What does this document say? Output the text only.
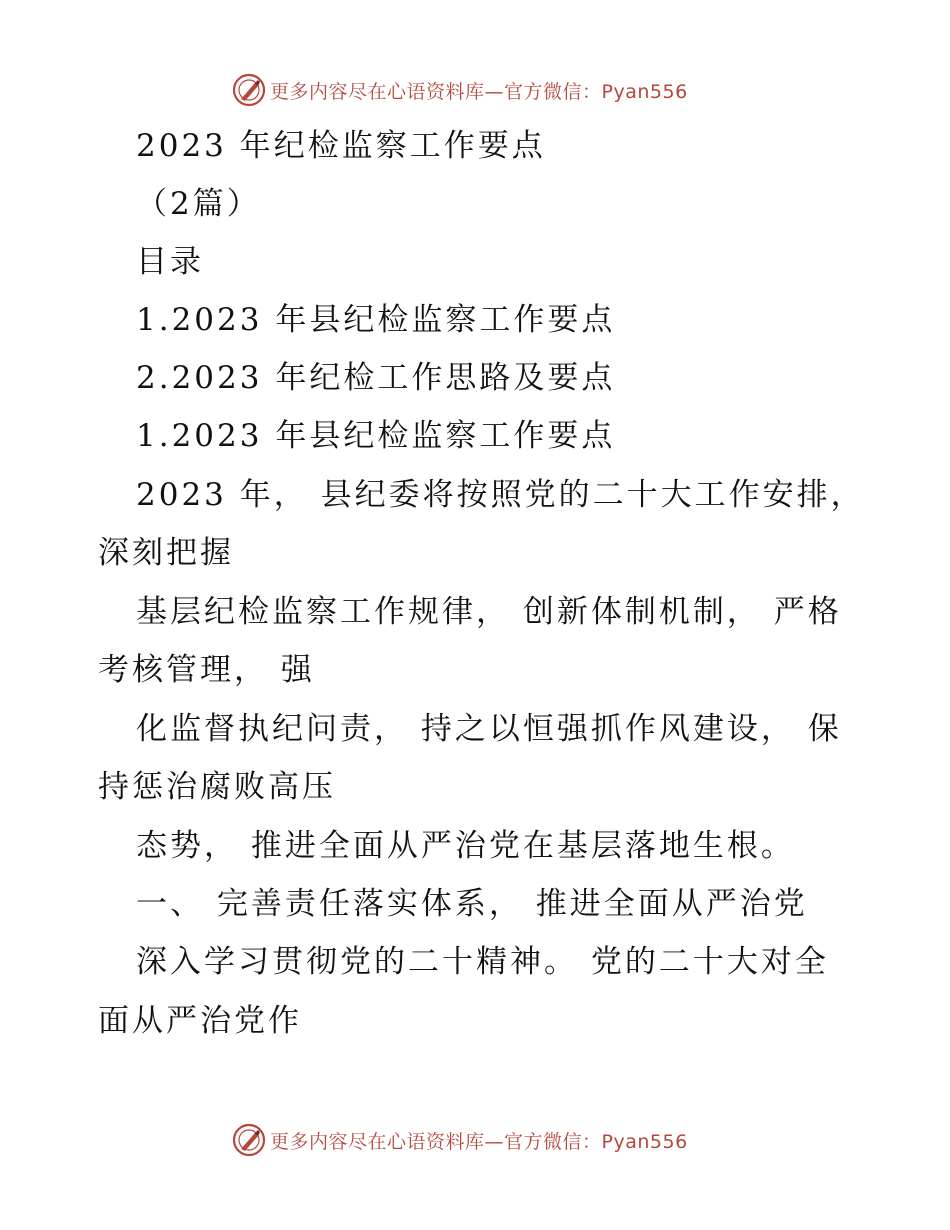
更多内容尽在心语资料库—官方微信：Pyan556
2023 年纪检监察工作要点
（2篇）
目录
1.2023 年县纪检监察工作要点
2.2023 年纪检工作思路及要点
1.2023 年县纪检监察工作要点
2023 年， 县纪委将按照党的二十大工作安排，
深刻把握
基层纪检监察工作规律， 创新体制机制， 严格
考核管理， 强
化监督执纪问责， 持之以恒强抓作风建设， 保
持惩治腐败高压
态势， 推进全面从严治党在基层落地生根。
一、 完善责任落实体系， 推进全面从严治党
深入学习贯彻党的二十精神。 党的二十大对全
面从严治党作
更多内容尽在心语资料库—官方微信：Pyan556
